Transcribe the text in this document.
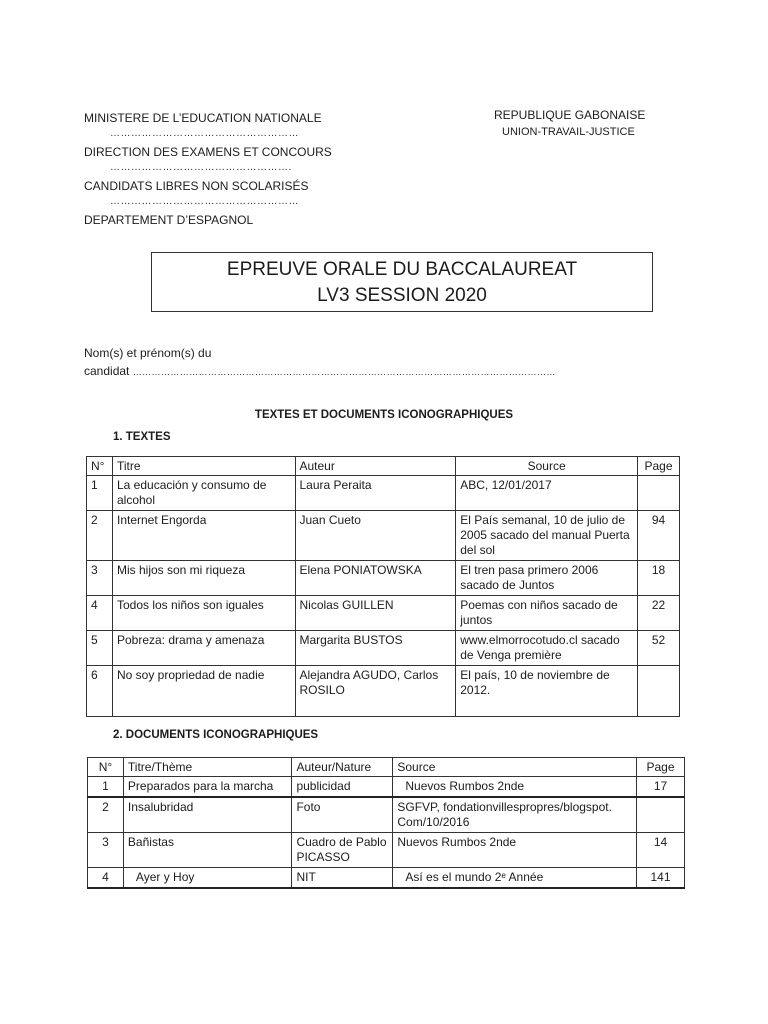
MINISTERE DE L’EDUCATION NATIONALE

………………………………………………

DIRECTION DES EXAMENS ET CONCOURS

…………………………………………….

CANDIDATS LIBRES NON SCOLARISÉS

………………………………………………

DEPARTEMENT D’ESPAGNOL

REPUBLIQUE GABONAISE

UNION-TRAVAIL-JUSTICE

EPREUVE ORALE DU BACCALAUREAT

LV3 SESSION 2020

Nom(s) et prénom(s) du
candidat ………………………………………………………………………………………………………………………
TEXTES ET DOCUMENTS ICONOGRAPHIQUES
1. TEXTES
N°	Titre	Auteur	Source	Page
1	La educación y consumo de alcohol	Laura Peraita	ABC, 12/01/2017	
2	Internet Engorda	Juan Cueto	El País semanal, 10 de julio de 2005 sacado del manual Puerta del sol	94
3	Mis hijos son mi riqueza	Elena PONIATOWSKA	El tren pasa primero 2006 sacado de Juntos	18
4	Todos los niños son iguales	Nicolas GUILLEN	Poemas con niños sacado de juntos	22
5	Pobreza: drama y amenaza	Margarita BUSTOS	www.elmorrocotudo.cl sacado de Venga première	52
6	No soy propriedad de nadie	Alejandra AGUDO, Carlos ROSILO	El país, 10 de noviembre de 2012.	
2. DOCUMENTS ICONOGRAPHIQUES
N°	Titre/Thème	Auteur/Nature	Source	Page
1	Preparados para la marcha	publicidad	Nuevos Rumbos 2nde	17
2	Insalubridad	Foto	SGFVP, fondationvillespropres/blogspot. Com/10/2016	
3	Bañistas	Cuadro de Pablo PICASSO	Nuevos Rumbos 2nde	14
4	Ayer y Hoy	NIT	Así es el mundo 2ᵉ Année	141
